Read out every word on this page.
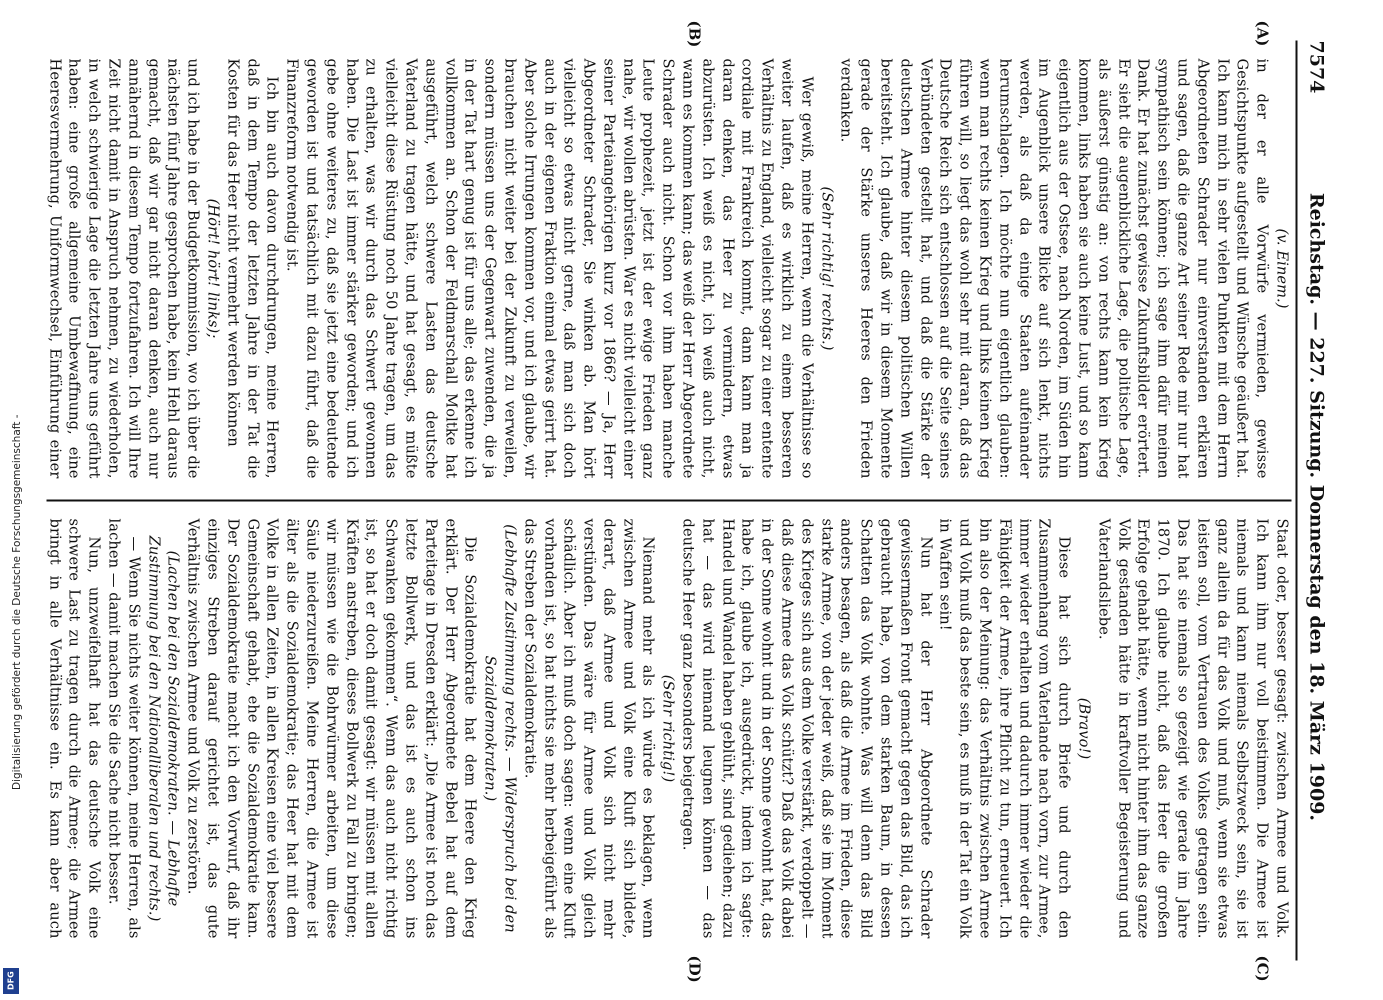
7574
Reichstag. — 227. Sitzung. Donnerstag den 18. März 1909.
(A)
(B)
(C)
(D)

(v. Einem.)

in der er alle Vorwürfe vermieden, gewisse Gesichtspunkte aufgestellt und Wünsche geäußert hat. Ich kann mich in sehr vielen Punkten mit dem Herrn Abgeordneten Schrader nur einverstanden erklären und sagen, daß die ganze Art seiner Rede mir nur hat sympathisch sein können; ich sage ihm dafür meinen Dank. Er hat zunächst gewisse Zukunftsbilder erörtert. Er sieht die augenblickliche Lage, die politische Lage, als äußerst günstig an: von rechts kann kein Krieg kommen, links haben sie auch keine Lust, und so kann eigentlich aus der Ostsee, nach Norden, im Süden hin im Augenblick unsere Blicke auf sich lenkt, nichts werden, als daß da einige Staaten aufeinander herumschlagen. Ich möchte nun eigentlich glauben: wenn man rechts keinen Krieg und links keinen Krieg führen will, so liegt das wohl sehr mit daran, daß das Deutsche Reich sich entschlossen auf die Seite seines Verbündeten gestellt hat, und daß die Stärke der deutschen Armee hinter diesem politischen Willen bereitsteht. Ich glaube, daß wir in diesem Momente gerade der Stärke unseres Heeres den Frieden verdanken.

(Sehr richtig! rechts.)

Wer gewiß, meine Herren, wenn die Verhältnisse so weiter laufen, daß es wirklich zu einem besseren Verhältnis zu England, vielleicht sogar zu einer entente cordiale mit Frankreich kommt, dann kann man ja daran denken, das Heer zu vermindern, etwas abzurüsten. Ich weiß es nicht, ich weiß auch nicht, wann es kommen kann; das weiß der Herr Abgeordnete Schrader auch nicht. Schon vor ihm haben manche Leute prophezeit, jetzt ist der ewige Frieden ganz nahe, wir wollen abrüsten. War es nicht vielleicht einer seiner Parteiangehörigen kurz vor 1866? — Ja, Herr Abgeordneter Schrader, Sie winken ab. Man hört vielleicht so etwas nicht gerne, daß man sich doch auch in der eigenen Fraktion einmal etwas geirrt hat. Aber solche Irrungen kommen vor, und ich glaube, wir brauchen nicht weiter bei der Zukunft zu verweilen, sondern müssen uns der Gegenwart zuwenden, die ja in der Tat hart genug ist für uns alle; das erkenne ich vollkommen an. Schon der Feldmarschall Moltke hat ausgeführt, welch schwere Lasten das deutsche Vaterland zu tragen hätte, und hat gesagt, es müßte vielleicht diese Rüstung noch 50 Jahre tragen, um das zu erhalten, was wir durch das Schwert gewonnen haben. Die Last ist immer stärker geworden; und ich gebe ohne weiteres zu, daß sie jetzt eine bedeutende geworden ist und tatsächlich mit dazu führt, daß die Finanzreform notwendig ist.

Ich bin auch davon durchdrungen, meine Herren, daß in dem Tempo der letzten Jahre in der Tat die Kosten für das Heer nicht vermehrt werden können

(Hört! hört! links);

und ich habe in der Budgetkommission, wo ich über die nächsten fünf Jahre gesprochen habe, kein Hehl daraus gemacht, daß wir gar nicht daran denken, auch nur annähernd in diesem Tempo fortzufahren. Ich will Ihre Zeit nicht damit in Anspruch nehmen, zu wiederholen, in welch schwierige Lage die letzten Jahre uns geführt haben: eine große allgemeine Umbewaffnung, eine Heeresvermehrung, Uniformwechsel, Einführung einer

Staat oder, besser gesagt: zwischen Armee und Volk. Ich kann ihm nur voll beistimmen. Die Armee ist niemals und kann niemals Selbstzweck sein, sie ist ganz allein da für das Volk und muß, wenn sie etwas leisten soll, vom Vertrauen des Volkes getragen sein. Das hat sie niemals so gezeigt wie gerade im Jahre 1870. Ich glaube nicht, daß das Heer die großen Erfolge gehabt hätte, wenn nicht hinter ihm das ganze Volk gestanden hätte in kraftvoller Begeisterung und Vaterlandsliebe.

(Bravo!)

Diese hat sich durch Briefe und durch den Zusammenhang vom Vaterlande nach vorn, zur Armee, immer wieder erhalten und dadurch immer wieder die Fähigkeit der Armee, ihre Pflicht zu tun, erneuert. Ich bin also der Meinung: das Verhältnis zwischen Armee und Volk muß das beste sein, es muß in der Tat ein Volk in Waffen sein!

Nun hat der Herr Abgeordnete Schrader gewissermaßen Front gemacht gegen das Bild, das ich gebraucht habe, von dem starken Baum, in dessen Schatten das Volk wohnte. Was will denn das Bild anders besagen, als daß die Armee im Frieden, diese starke Armee, von der jeder weiß, daß sie im Moment des Krieges sich aus dem Volke verstärkt, verdoppelt — daß diese Armee das Volk schützt? Daß das Volk dabei in der Sonne wohnt und in der Sonne gewohnt hat, das habe ich, glaube ich, ausgedrückt, indem ich sagte: Handel und Wandel haben geblüht, sind gediehen; dazu hat — das wird niemand leugnen können — das deutsche Heer ganz besonders beigetragen.

(Sehr richtig!)

Niemand mehr als ich würde es beklagen, wenn zwischen Armee und Volk eine Kluft sich bildete, derart, daß Armee und Volk sich nicht mehr verstünden. Das wäre für Armee und Volk gleich schädlich. Aber ich muß doch sagen: wenn eine Kluft vorhanden ist, so hat nichts sie mehr herbeigeführt als das Streben der Sozialdemokratie.

(Lebhafte Zustimmung rechts. — Widerspruch bei den Sozialdemokraten.)

Die Sozialdemokratie hat dem Heere den Krieg erklärt. Der Herr Abgeordnete Bebel hat auf dem Parteitage in Dresden erklärt: „Die Armee ist noch das letzte Bollwerk, und das ist es auch schon ins Schwanken gekommen“. Wenn das auch nicht richtig ist, so hat er doch damit gesagt: wir müssen mit allen Kräften anstreben, dieses Bollwerk zu Fall zu bringen; wir müssen wie die Bohrwürmer arbeiten, um diese Säule niederzureißen. Meine Herren, die Armee ist älter als die Sozialdemokratie; das Heer hat mit dem Volke in allen Zeiten, in allen Kreisen eine viel bessere Gemeinschaft gehabt, ehe die Sozialdemokratie kam. Der Sozialdemokratie macht ich den Vorwurf, daß ihr einziges Streben darauf gerichtet ist, das gute Verhältnis zwischen Armee und Volk zu zerstören.

(Lachen bei den Sozialdemokraten. — Lebhafte Zustimmung bei den Nationalliberalen und rechts.)

— Wenn Sie nichts weiter können, meine Herren, als lachen — damit machen Sie die Sache nicht besser.

Nun, unzweifelhaft hat das deutsche Volk eine schwere Last zu tragen durch die Armee; die Armee bringt in alle Verhältnisse ein. Es kann aber auch

Digitalisierung gefördert durch die Deutsche Forschungsgemeinschaft -
DFG
